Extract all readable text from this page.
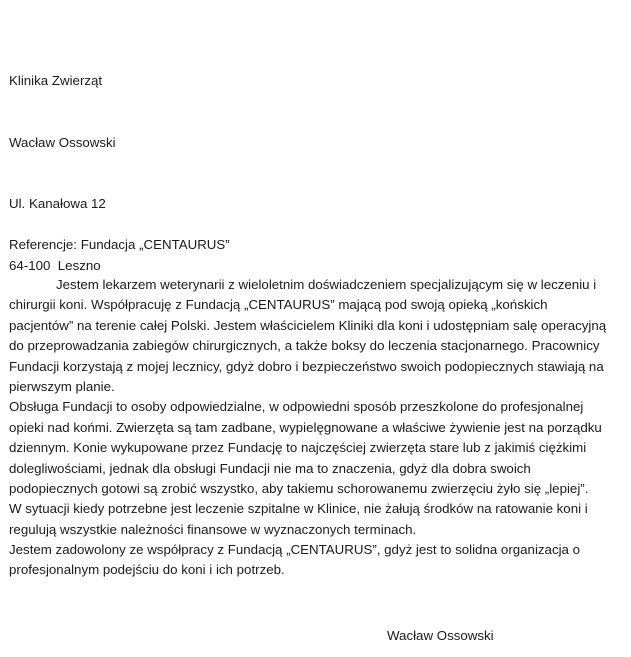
Klinika Zwierząt

Wacław Ossowski

Ul. Kanałowa 12

64-100  Leszno

Referencje: Fundacja „CENTAURUS”
Jestem lekarzem weterynarii z wieloletnim doświadczeniem specjalizującym się w leczeniu i
chirurgii koni. Współpracuję z Fundacją „CENTAURUS” mającą pod swoją opieką „końskich
pacjentów” na terenie całej Polski. Jestem właścicielem Kliniki dla koni i udostępniam salę operacyjną
do przeprowadzania zabiegów chirurgicznych, a także boksy do leczenia stacjonarnego. Pracownicy
Fundacji korzystają z mojej lecznicy, gdyż dobro i bezpieczeństwo swoich podopiecznych stawiają na
pierwszym planie.
Obsługa Fundacji to osoby odpowiedzialne, w odpowiedni sposób przeszkolone do profesjonalnej
opieki nad końmi. Zwierzęta są tam zadbane, wypielęgnowane a właściwe żywienie jest na porządku
dziennym. Konie wykupowane przez Fundację to najczęściej zwierzęta stare lub z jakimiś ciężkimi
dolegliwościami, jednak dla obsługi Fundacji nie ma to znaczenia, gdyż dla dobra swoich
podopiecznych gotowi są zrobić wszystko, aby takiemu schorowanemu zwierzęciu żyło się „lepiej”.
W sytuacji kiedy potrzebne jest leczenie szpitalne w Klinice, nie żałują środków na ratowanie koni i
regulują wszystkie należności finansowe w wyznaczonych terminach.
Jestem zadowolony ze współpracy z Fundacją „CENTAURUS”, gdyż jest to solidna organizacja o
profesjonalnym podejściu do koni i ich potrzeb.
Wacław Ossowski
